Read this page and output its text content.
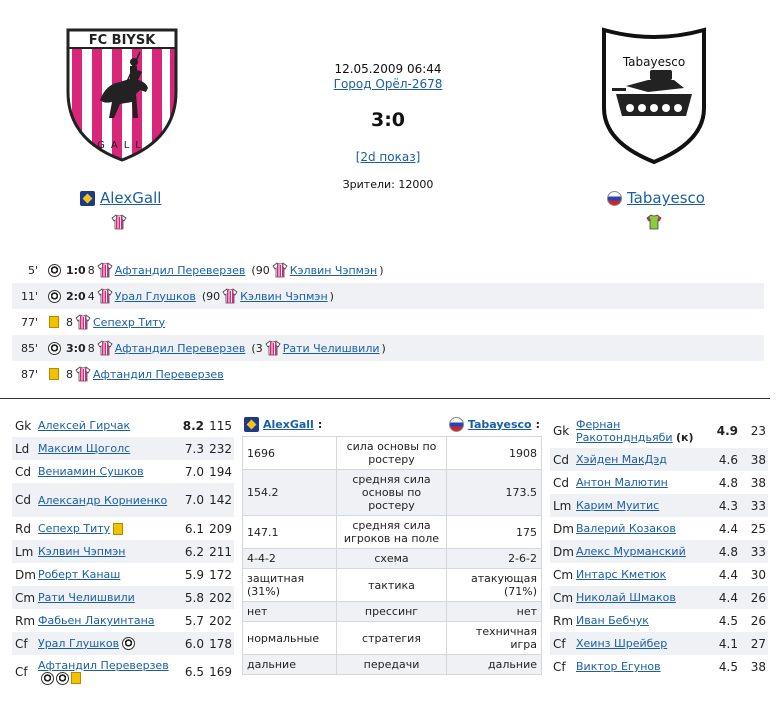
FC BIYSK
GALL
Tabayesco
12.05.2009 06:44
Город Орёл-2678
3:0
[2d показ]
Зрители: 12000
AlexGall	Tabayesco
5'	1:0 8 Афтандил Переверзев (90 Кэлвин Чэпмэн )
11'	2:0 4 Урал Глушков (90 Кэлвин Чэпмэн )
77'	8 Сепехр Титу
85'	3:0 8 Афтандил Переверзев (3 Рати Челишвили )
87'	8 Афтандил Переверзев
Gk Алексей Гирчак	8.2 115
Ld Максим Щоголс	7.3 232
Cd Вениамин Сушков	7.0 194
Cd Александр Корниенко	7.0 142
Rd Сепехр Титу	6.1 209
Lm Кэлвин Чэпмэн	6.2 211
Dm Роберт Канаш	5.9 172
Cm Рати Челишвили	5.8 202
Rm Фабьен Лакуинтана	5.7 202
Cf Урал Глушков	6.0 178
Cf Афтандил Переверзев	6.5 169
AlexGall :	Tabayesco :
1696	сила основы по ростеру	1908
154.2	средняя сила основы по ростеру	173.5
147.1	средняя сила игроков на поле	175
4-4-2	схема	2-6-2
защитная (31%)	тактика	атакующая (71%)
нет	прессинг	нет
нормальные	стратегия	техничная игра
дальние	передачи	дальние
Gk Фернан Ракотондндьяби (к)	4.9	23
Cd Хэйден МакДэд	4.6	38
Cd Антон Малютин	4.8	38
Lm Карим Муитис	4.3	33
Dm Валерий Козаков	4.4	25
Dm Алекс Мурманский	4.8	33
Cm Интарс Кметюк	4.4	30
Cm Николай Шмаков	4.4	26
Rm Иван Бебчук	4.5	26
Cf Хеинз Шрейбер	4.1	27
Cf Виктор Егунов	4.5	38
